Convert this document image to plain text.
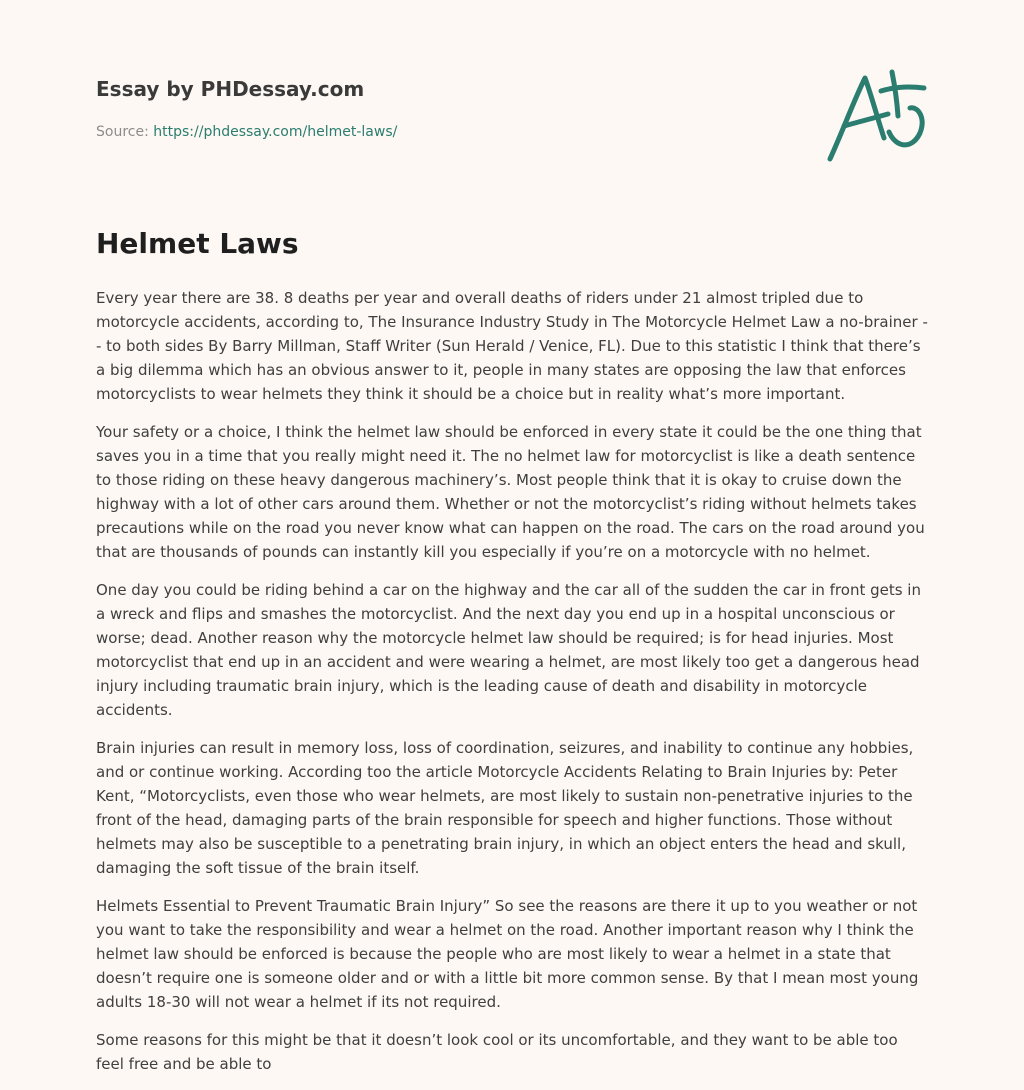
Essay by PHDessay.com
Source: https://phdessay.com/helmet-laws/
Helmet Laws

Every year there are 38. 8 deaths per year and overall deaths of riders under 21 almost tripled due to motorcycle accidents, according to, The Insurance Industry Study in The Motorcycle Helmet Law a no-brainer -- to both sides By Barry Millman, Staff Writer (Sun Herald / Venice, FL). Due to this statistic I think that there’s a big dilemma which has an obvious answer to it, people in many states are opposing the law that enforces motorcyclists to wear helmets they think it should be a choice but in reality what’s more important.

Your safety or a choice, I think the helmet law should be enforced in every state it could be the one thing that saves you in a time that you really might need it. The no helmet law for motorcyclist is like a death sentence to those riding on these heavy dangerous machinery’s. Most people think that it is okay to cruise down the highway with a lot of other cars around them. Whether or not the motorcyclist’s riding without helmets takes precautions while on the road you never know what can happen on the road. The cars on the road around you that are thousands of pounds can instantly kill you especially if you’re on a motorcycle with no helmet.

One day you could be riding behind a car on the highway and the car all of the sudden the car in front gets in a wreck and flips and smashes the motorcyclist. And the next day you end up in a hospital unconscious or worse; dead. Another reason why the motorcycle helmet law should be required; is for head injuries. Most motorcyclist that end up in an accident and were wearing a helmet, are most likely too get a dangerous head injury including traumatic brain injury, which is the leading cause of death and disability in motorcycle accidents.

Brain injuries can result in memory loss, loss of coordination, seizures, and inability to continue any hobbies, and or continue working. According too the article Motorcycle Accidents Relating to Brain Injuries by: Peter Kent, “Motorcyclists, even those who wear helmets, are most likely to sustain non-penetrative injuries to the front of the head, damaging parts of the brain responsible for speech and higher functions. Those without helmets may also be susceptible to a penetrating brain injury, in which an object enters the head and skull, damaging the soft tissue of the brain itself.

Helmets Essential to Prevent Traumatic Brain Injury” So see the reasons are there it up to you weather or not you want to take the responsibility and wear a helmet on the road. Another important reason why I think the helmet law should be enforced is because the people who are most likely to wear a helmet in a state that doesn’t require one is someone older and or with a little bit more common sense. By that I mean most young adults 18-30 will not wear a helmet if its not required.

Some reasons for this might be that it doesn’t look cool or its uncomfortable, and they want to be able too feel free and be able to
